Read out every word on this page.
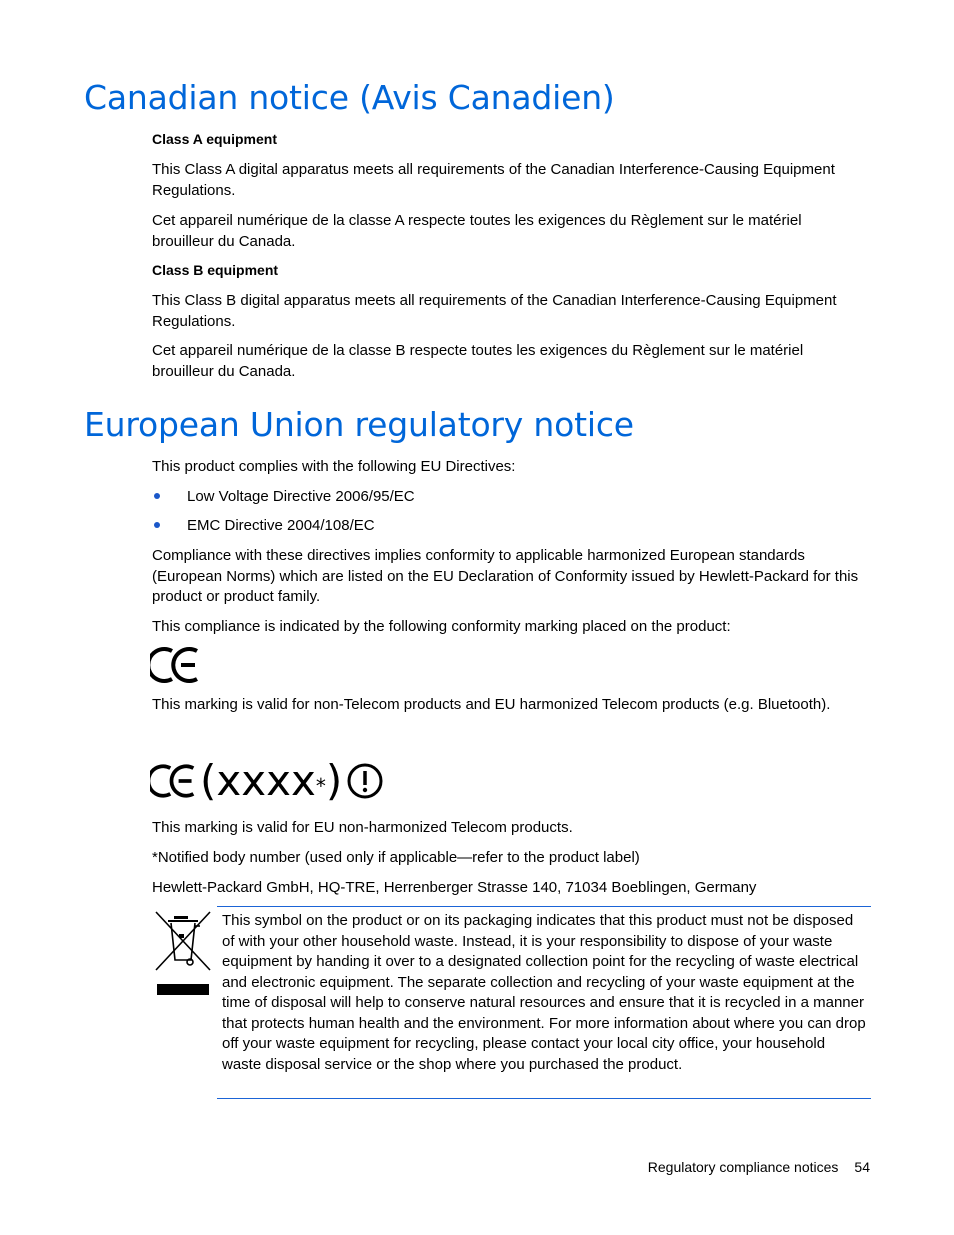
Canadian notice (Avis Canadien)

Class A equipment

This Class A digital apparatus meets all requirements of the Canadian Interference-Causing Equipment Regulations.

Cet appareil numérique de la classe A respecte toutes les exigences du Règlement sur le matériel brouilleur du Canada.

Class B equipment

This Class B digital apparatus meets all requirements of the Canadian Interference-Causing Equipment Regulations.

Cet appareil numérique de la classe B respecte toutes les exigences du Règlement sur le matériel brouilleur du Canada.

European Union regulatory notice

This product complies with the following EU Directives:

Low Voltage Directive 2006/95/EC

EMC Directive 2004/108/EC

Compliance with these directives implies conformity to applicable harmonized European standards (European Norms) which are listed on the EU Declaration of Conformity issued by Hewlett-Packard for this product or product family.

This compliance is indicated by the following conformity marking placed on the product:

This marking is valid for non-Telecom products and EU harmonized Telecom products (e.g. Bluetooth).

(xxxx * )

This marking is valid for EU non-harmonized Telecom products.

*Notified body number (used only if applicable—refer to the product label)

Hewlett-Packard GmbH, HQ-TRE, Herrenberger Strasse 140, 71034 Boeblingen, Germany

This symbol on the product or on its packaging indicates that this product must not be disposed of with your other household waste. Instead, it is your responsibility to dispose of your waste equipment by handing it over to a designated collection point for the recycling of waste electrical and electronic equipment. The separate collection and recycling of your waste equipment at the time of disposal will help to conserve natural resources and ensure that it is recycled in a manner that protects human health and the environment. For more information about where you can drop off your waste equipment for recycling, please contact your local city office, your household waste disposal service or the shop where you purchased the product.

Regulatory compliance notices 54
